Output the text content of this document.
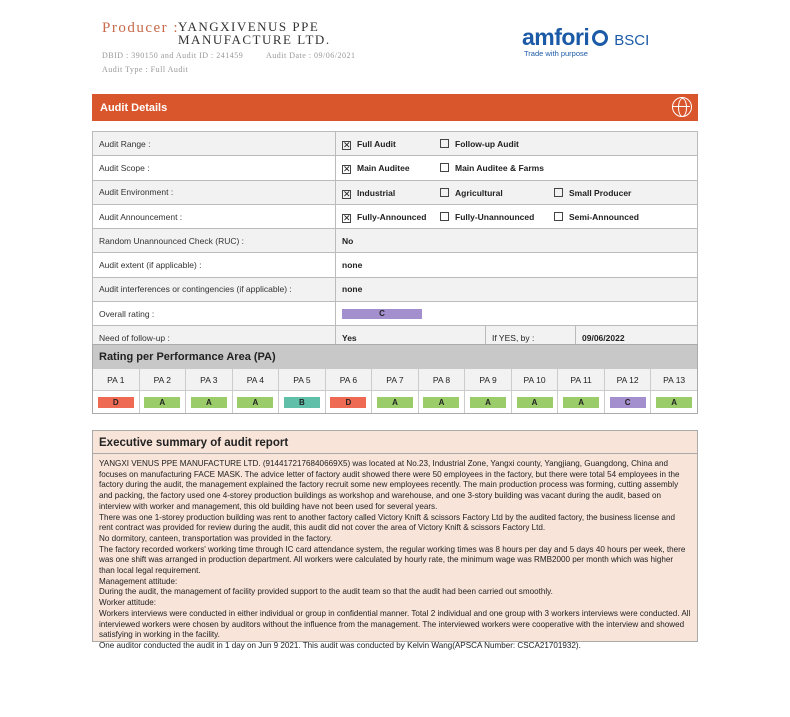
Producer :
YANGXIVENUS PPE MANUFACTURE LTD.
DBID : 390150 and Audit ID : 241459	Audit Date : 09/06/2021
Audit Type : Full Audit
amfori BSCI
Trade with purpose
Audit Details
Audit Range :	✕ Full Audit Follow-up Audit		

Audit Scope :	✕ Main Auditee Main Auditee & Farms		

Audit Environment :	✕ Industrial Agricultural Small Producer		

Audit Announcement :	✕ Fully-Announced Fully-Unannounced Semi-Announced		

Random Unannounced Check (RUC) :	No		
Audit extent (if applicable) :	none		
Audit interferences or contingencies (if applicable) :	none		
Overall rating :	C		
Need of follow-up :	Yes	If YES, by :	09/06/2022
Rating per Performance Area (PA)
PA 1	PA 2	PA 3	PA 4	PA 5	PA 6	PA 7	PA 8	PA 9	PA 10	PA 11	PA 12	PA 13
D	A	A	A	B	D	A	A	A	A	A	C	A
Executive summary of audit report
YANGXI VENUS PPE MANUFACTURE LTD. (91441721768406​69X5) was located at No.23, Industrial Zone, Yangxi county, Yangjiang, Guangdong, China and focuses on manufacturing FACE MASK. The advice letter of factory audit showed there were 50 employees in the factory, but there were total 54 employees in the factory during the audit, the management explained the factory recruit some new employees recently. The main production process was forming, cutting assembly and packing, the factory used one 4-storey production buildings as workshop and warehouse, and one 3-story building was vacant during the audit, based on interview with worker and management, this old building have not been used for several years.
There was one 1-storey production building was rent to another factory called Victory Knift & scissors Factory Ltd by the audited factory, the business license and rent contract was provided for review during the audit, this audit did not cover the area of Victory Knift & scissors Factory Ltd.
No dormitory, canteen, transportation was provided in the factory.
The factory recorded workers' working time through IC card attendance system, the regular working times was 8 hours per day and 5 days 40 hours per week, there was one shift was arranged in production department. All workers were calculated by hourly rate, the minimum wage was RMB2000 per month which was higher than local legal requirement.
Management attitude:
During the audit, the management of facility provided support to the audit team so that the audit had been carried out smoothly.
Worker attitude:
Workers interviews were conducted in either individual or group in confidential manner. Total 2 individual and one group with 3 workers interviews were conducted. All interviewed workers were chosen by auditors without the influence from the management. The interviewed workers were cooperative with the interview and showed satisfying in working in the facility.
One auditor conducted the audit in 1 day on Jun 9 2021. This audit was conducted by Kelvin Wang(APSCA Number: CSCA21701932).
